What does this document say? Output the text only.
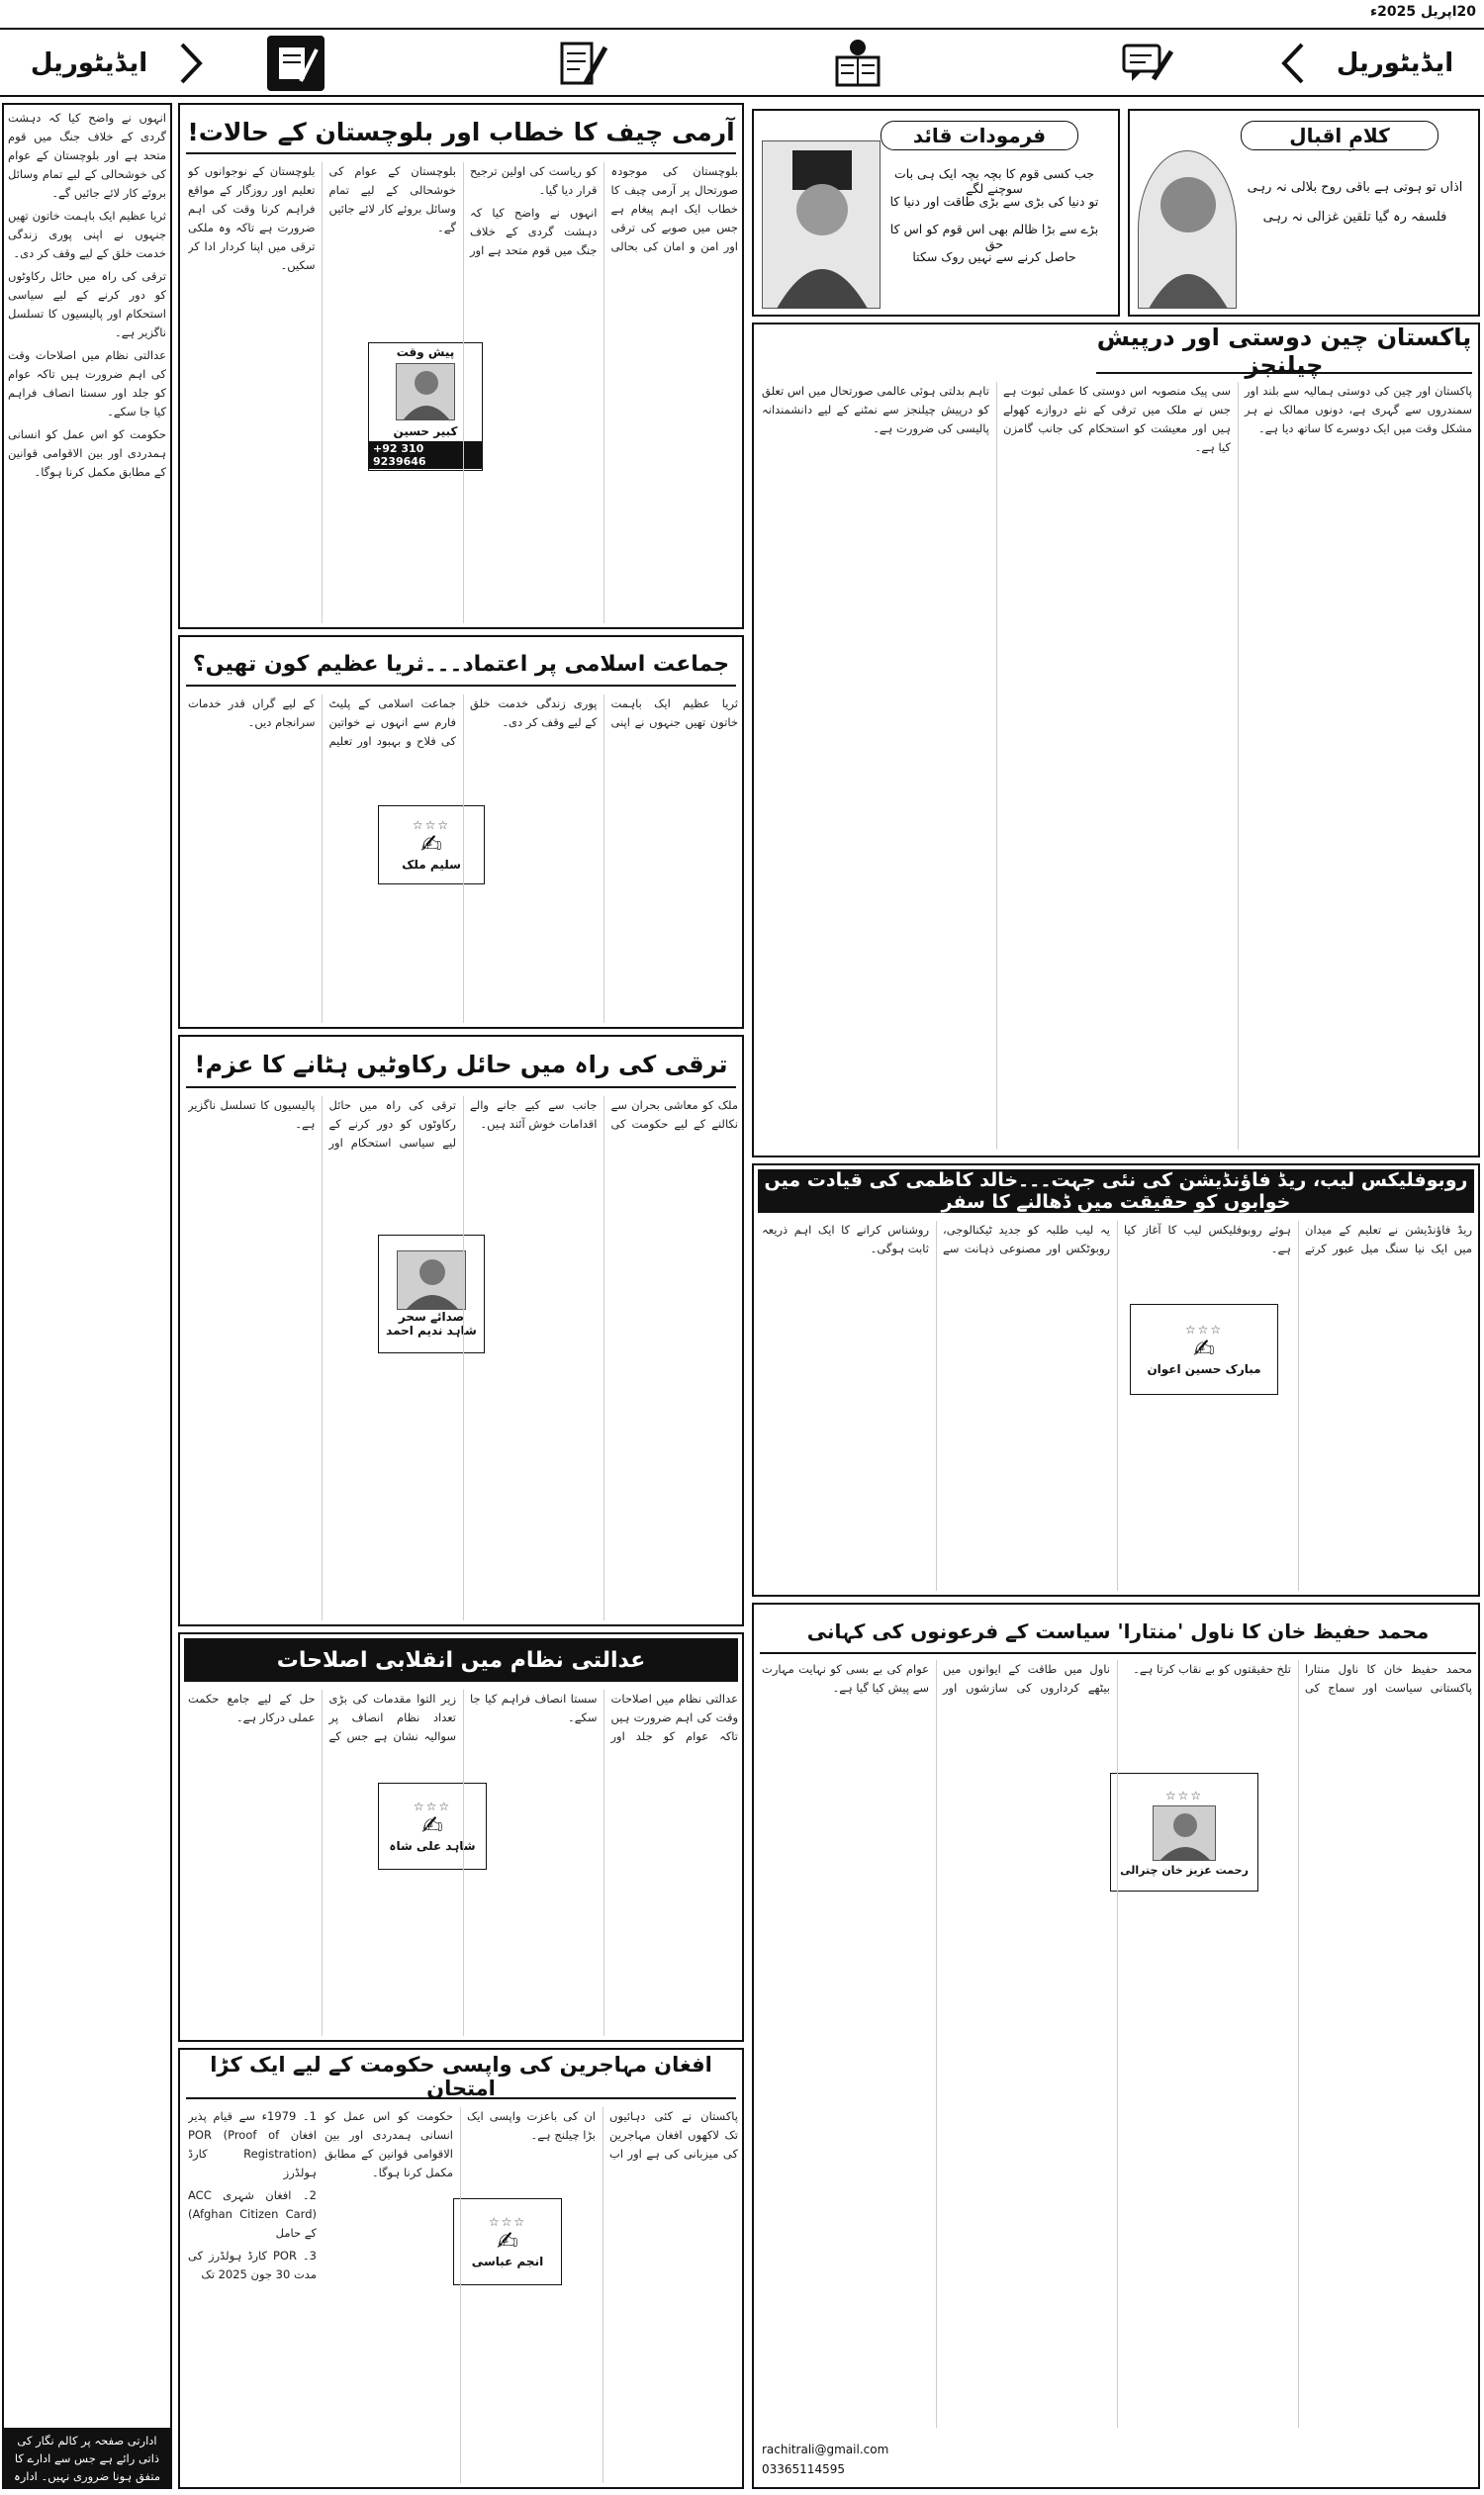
20اپریل 2025ء
ایڈیٹوریل	ایڈیٹوریل
کلامِ اقبال
اذاں تو ہوتی ہے باقی روح بلالی نہ رہی
فلسفہ رہ گیا تلقین غزالی نہ رہی
فرمودات قائد
جب کسی قوم کا بچہ بچہ ایک ہی بات سوچنے لگے
تو دنیا کی بڑی سے بڑی طاقت اور دنیا کا
بڑے سے بڑا ظالم بھی اس قوم کو اس کا حق
حاصل کرنے سے نہیں روک سکتا
آرمی چیف کا خطاب اور بلوچستان کے حالات!
پیش وقت
کبیر حسین
+92 310 9239646

بلوچستان کی موجودہ صورتحال پر آرمی چیف کا خطاب ایک اہم پیغام ہے جس میں صوبے کی ترقی اور امن و امان کی بحالی کو ریاست کی اولین ترجیح قرار دیا گیا۔

انہوں نے واضح کیا کہ دہشت گردی کے خلاف جنگ میں قوم متحد ہے اور بلوچستان کے عوام کی خوشحالی کے لیے تمام وسائل بروئے کار لائے جائیں گے۔

بلوچستان کے نوجوانوں کو تعلیم اور روزگار کے مواقع فراہم کرنا وقت کی اہم ضرورت ہے تاکہ وہ ملکی ترقی میں اپنا کردار ادا کر سکیں۔

انہوں نے واضح کیا کہ دہشت گردی کے خلاف جنگ میں قوم متحد ہے اور بلوچستان کے عوام کی خوشحالی کے لیے تمام وسائل بروئے کار لائے جائیں گے۔

ثریا عظیم ایک باہمت خاتون تھیں جنہوں نے اپنی پوری زندگی خدمت خلق کے لیے وقف کر دی۔

ترقی کی راہ میں حائل رکاوٹوں کو دور کرنے کے لیے سیاسی استحکام اور پالیسیوں کا تسلسل ناگزیر ہے۔

عدالتی نظام میں اصلاحات وقت کی اہم ضرورت ہیں تاکہ عوام کو جلد اور سستا انصاف فراہم کیا جا سکے۔

حکومت کو اس عمل کو انسانی ہمدردی اور بین الاقوامی قوانین کے مطابق مکمل کرنا ہوگا۔

ادارتی صفحہ پر کالم نگار کی ذاتی رائے ہے جس سے ادارے کا متفق ہونا ضروری نہیں۔ ادارہ
پاکستان چین دوستی اور درپیش چیلنجز

پاکستان اور چین کی دوستی ہمالیہ سے بلند اور سمندروں سے گہری ہے، دونوں ممالک نے ہر مشکل وقت میں ایک دوسرے کا ساتھ دیا ہے۔

سی پیک منصوبہ اس دوستی کا عملی ثبوت ہے جس نے ملک میں ترقی کے نئے دروازے کھولے ہیں اور معیشت کو استحکام کی جانب گامزن کیا ہے۔

تاہم بدلتی ہوئی عالمی صورتحال میں اس تعلق کو درپیش چیلنجز سے نمٹنے کے لیے دانشمندانہ پالیسی کی ضرورت ہے۔

جماعت اسلامی پر اعتماد۔۔۔ثریا عظیم کون تھیں؟
☆☆☆
✍
سلیم ملک

ثریا عظیم ایک باہمت خاتون تھیں جنہوں نے اپنی پوری زندگی خدمت خلق کے لیے وقف کر دی۔

جماعت اسلامی کے پلیٹ فارم سے انہوں نے خواتین کی فلاح و بہبود اور تعلیم کے لیے گراں قدر خدمات سرانجام دیں۔

ترقی کی راہ میں حائل رکاوٹیں ہٹانے کا عزم!
صدائے سحر
شاہد ندیم احمد

ملک کو معاشی بحران سے نکالنے کے لیے حکومت کی جانب سے کیے جانے والے اقدامات خوش آئند ہیں۔

ترقی کی راہ میں حائل رکاوٹوں کو دور کرنے کے لیے سیاسی استحکام اور پالیسیوں کا تسلسل ناگزیر ہے۔

روبوفلیکس لیب، ریڈ فاؤنڈیشن کی نئی جہت۔۔۔خالد کاظمی کی قیادت میں خوابوں کو حقیقت میں ڈھالنے کا سفر
☆☆☆
✍
مبارک حسین اعوان

ریڈ فاؤنڈیشن نے تعلیم کے میدان میں ایک نیا سنگ میل عبور کرتے ہوئے روبوفلیکس لیب کا آغاز کیا ہے۔

یہ لیب طلبہ کو جدید ٹیکنالوجی، روبوٹکس اور مصنوعی ذہانت سے روشناس کرانے کا ایک اہم ذریعہ ثابت ہوگی۔

محمد حفیظ خان کا ناول 'منتارا' سیاست کے فرعونوں کی کہانی
☆☆☆
رحمت عزیز خان چترالی

محمد حفیظ خان کا ناول منتارا پاکستانی سیاست اور سماج کی تلخ حقیقتوں کو بے نقاب کرتا ہے۔

ناول میں طاقت کے ایوانوں میں بیٹھے کرداروں کی سازشوں اور عوام کی بے بسی کو نہایت مہارت سے پیش کیا گیا ہے۔

rachitrali@gmail.com
03365114595
عدالتی نظام میں انقلابی اصلاحات
☆☆☆
✍
شاہد علی شاہ

عدالتی نظام میں اصلاحات وقت کی اہم ضرورت ہیں تاکہ عوام کو جلد اور سستا انصاف فراہم کیا جا سکے۔

زیر التوا مقدمات کی بڑی تعداد نظام انصاف پر سوالیہ نشان ہے جس کے حل کے لیے جامع حکمت عملی درکار ہے۔

افغان مہاجرین کی واپسی حکومت کے لیے ایک کڑا امتحان
☆☆☆
✍
انجم عباسی

1۔ 1979ء سے قیام پذیر افغان POR (Proof of Registration) کارڈ ہولڈرز

2۔ افغان شہری ACC (Afghan Citizen Card) کے حامل

3۔ POR کارڈ ہولڈرز کی مدت 30 جون 2025 تک

پاکستان نے کئی دہائیوں تک لاکھوں افغان مہاجرین کی میزبانی کی ہے اور اب ان کی باعزت واپسی ایک بڑا چیلنج ہے۔

حکومت کو اس عمل کو انسانی ہمدردی اور بین الاقوامی قوانین کے مطابق مکمل کرنا ہوگا۔
